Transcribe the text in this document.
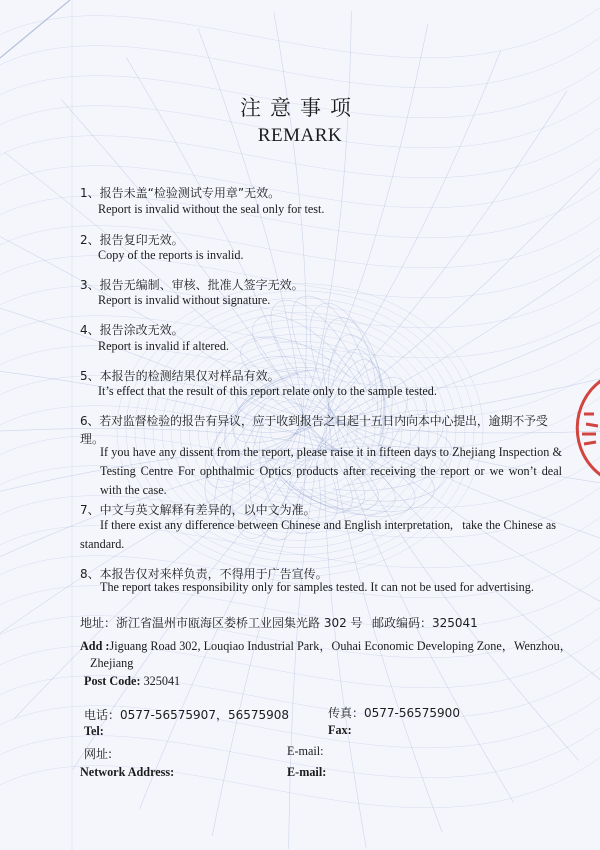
注意事项
REMARK
1、报告未盖“检验测试专用章”无效。
Report is invalid without the seal only for test.
2、报告复印无效。
Copy of the reports is invalid.
3、报告无编制、审核、批准人签字无效。
Report is invalid without signature.
4、报告涂改无效。
Report is invalid if altered.
5、本报告的检测结果仅对样品有效。
It’s effect that the result of this report relate only to the sample tested.
6、若对监督检验的报告有异议，应于收到报告之日起十五日内向本中心提出，逾期不予受
理。
If you have any dissent from the report, please raise it in fifteen days to Zhejiang Inspection & Testing Centre For ophthalmic Optics products after receiving the report or we won’t deal with the case.
7、中文与英文解释有差异的，以中文为准。
If there exist any difference between Chinese and English interpretation,   take the Chinese as
standard.
8、本报告仅对来样负责，不得用于广告宣传。
The report takes responsibility only for samples tested. It can not be used for advertising.
地址：浙江省温州市瓯海区娄桥工业园集光路 302 号 邮政编码：325041
Add :Jiguang Road 302, Louqiao Industrial Park，Ouhai Economic Developing Zone，Wenzhou，
Zhejiang
Post Code: 325041
电话：0577-56575907，56575908	传真：0577-56575900
Tel:	Fax:
网址:	E-mail:
Network Address:	E-mail:
